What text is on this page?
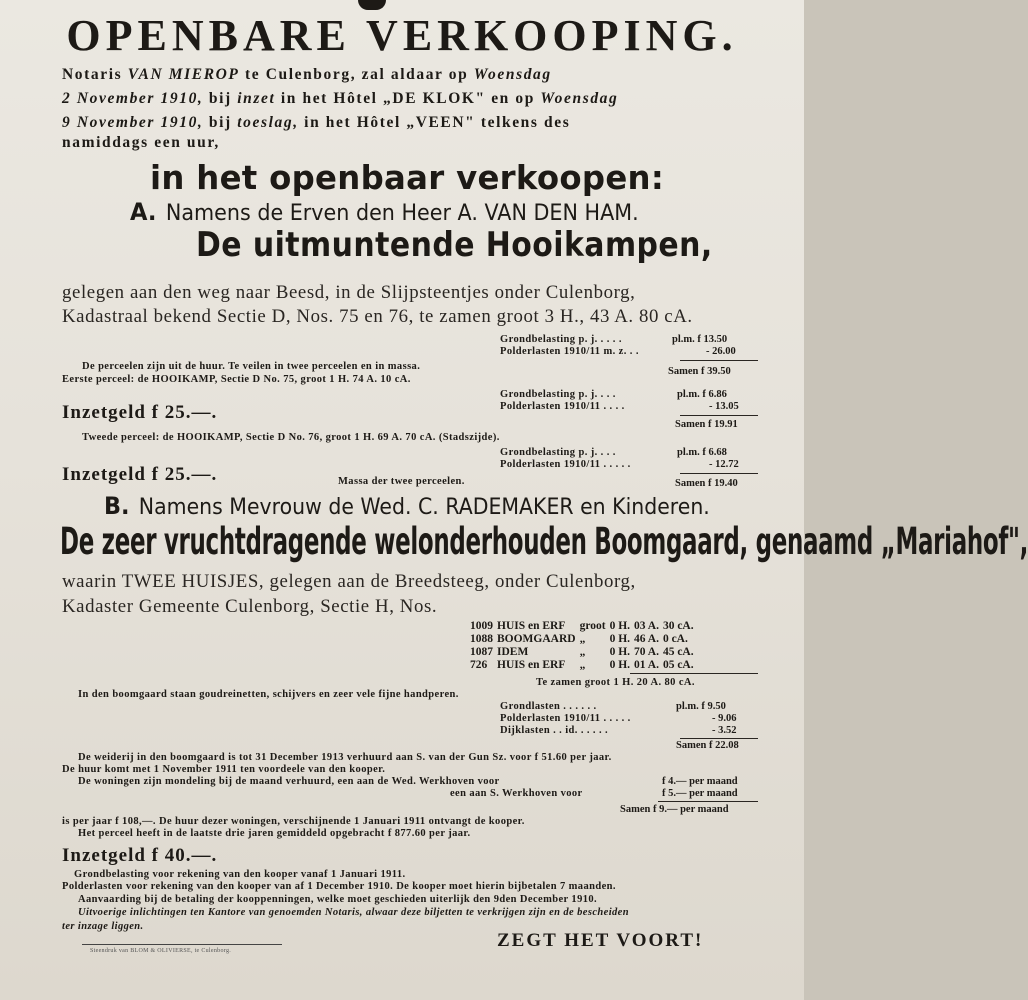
OPENBARE VERKOOPING.
Notaris VAN MIEROP te Culenborg, zal aldaar op Woensdag
2 November 1910, bij inzet in het Hôtel „DE KLOK" en op Woensdag
9 November 1910, bij toeslag, in het Hôtel „VEEN" telkens des
namiddags een uur,
in het openbaar verkoopen:
A. Namens de Erven den Heer A. VAN DEN HAM.
De uitmuntende Hooikampen,
gelegen aan den weg naar Beesd, in de Slijpsteentjes onder Culenborg,
Kadastraal bekend Sectie D, Nos. 75 en 76, te zamen groot 3 H., 43 A. 80 cA.
Grondbelasting p. j. . . . .	pl.m. f 13.50
Polderlasten 1910/11 m. z. . .	- 26.00
De perceelen zijn uit de huur. Te veilen in twee perceelen en in massa.	Samen f 39.50
Eerste perceel: de HOOIKAMP, Sectie D No. 75, groot 1 H. 74 A. 10 cA.
Grondbelasting p. j. . . .	pl.m. f 6.86
Polderlasten 1910/11 . . . .	- 13.05
Inzetgeld f 25.—.
Samen f 19.91
Tweede perceel: de HOOIKAMP, Sectie D No. 76, groot 1 H. 69 A. 70 cA. (Stadszijde).
Grondbelasting p. j. . . .	pl.m. f 6.68
Polderlasten 1910/11 . . . . .	- 12.72
Inzetgeld f 25.—.	Massa der twee perceelen.	Samen f 19.40
B. Namens Mevrouw de Wed. C. RADEMAKER en Kinderen.
De zeer vruchtdragende welonderhouden Boomgaard, genaamd „Mariahof",
waarin TWEE HUISJES, gelegen aan de Breedsteeg, onder Culenborg,
Kadaster Gemeente Culenborg, Sectie H, Nos.
1009	HUIS en ERF	groot	0 H.	03 A.	30 cA.
1088	BOOMGAARD	„	0 H.	46 A.	0 cA.
1087	IDEM	„	0 H.	70 A.	45 cA.
726	HUIS en ERF	„	0 H.	01 A.	05 cA.
Te zamen groot 1 H. 20 A. 80 cA.
In den boomgaard staan goudreinetten, schijvers en zeer vele fijne handperen.
Grondlasten . . . . . .	pl.m. f 9.50
Polderlasten 1910/11 . . . . .	- 9.06
Dijklasten . . id. . . . . .	- 3.52
Samen f 22.08
De weiderij in den boomgaard is tot 31 December 1913 verhuurd aan S. van der Gun Sz. voor f 51.60 per jaar.
De huur komt met 1 November 1911 ten voordeele van den kooper.
De woningen zijn mondeling bij de maand verhuurd, een aan de Wed. Werkhoven voor	f 4.— per maand
een aan S. Werkhoven voor	f 5.— per maand
Samen f 9.— per maand
is per jaar f 108,—. De huur dezer woningen, verschijnende 1 Januari 1911 ontvangt de kooper.
Het perceel heeft in de laatste drie jaren gemiddeld opgebracht f 877.60 per jaar.
Inzetgeld f 40.—.
Grondbelasting voor rekening van den kooper vanaf 1 Januari 1911.
Polderlasten voor rekening van den kooper van af 1 December 1910. De kooper moet hierin bijbetalen 7 maanden.
Aanvaarding bij de betaling der kooppenningen, welke moet geschieden uiterlijk den 9den December 1910.
Uitvoerige inlichtingen ten Kantore van genoemden Notaris, alwaar deze biljetten te verkrijgen zijn en de bescheiden
ter inzage liggen.
Steendruk van BLOM & OLIVIERSE, te Culenborg.	ZEGT HET VOORT!
